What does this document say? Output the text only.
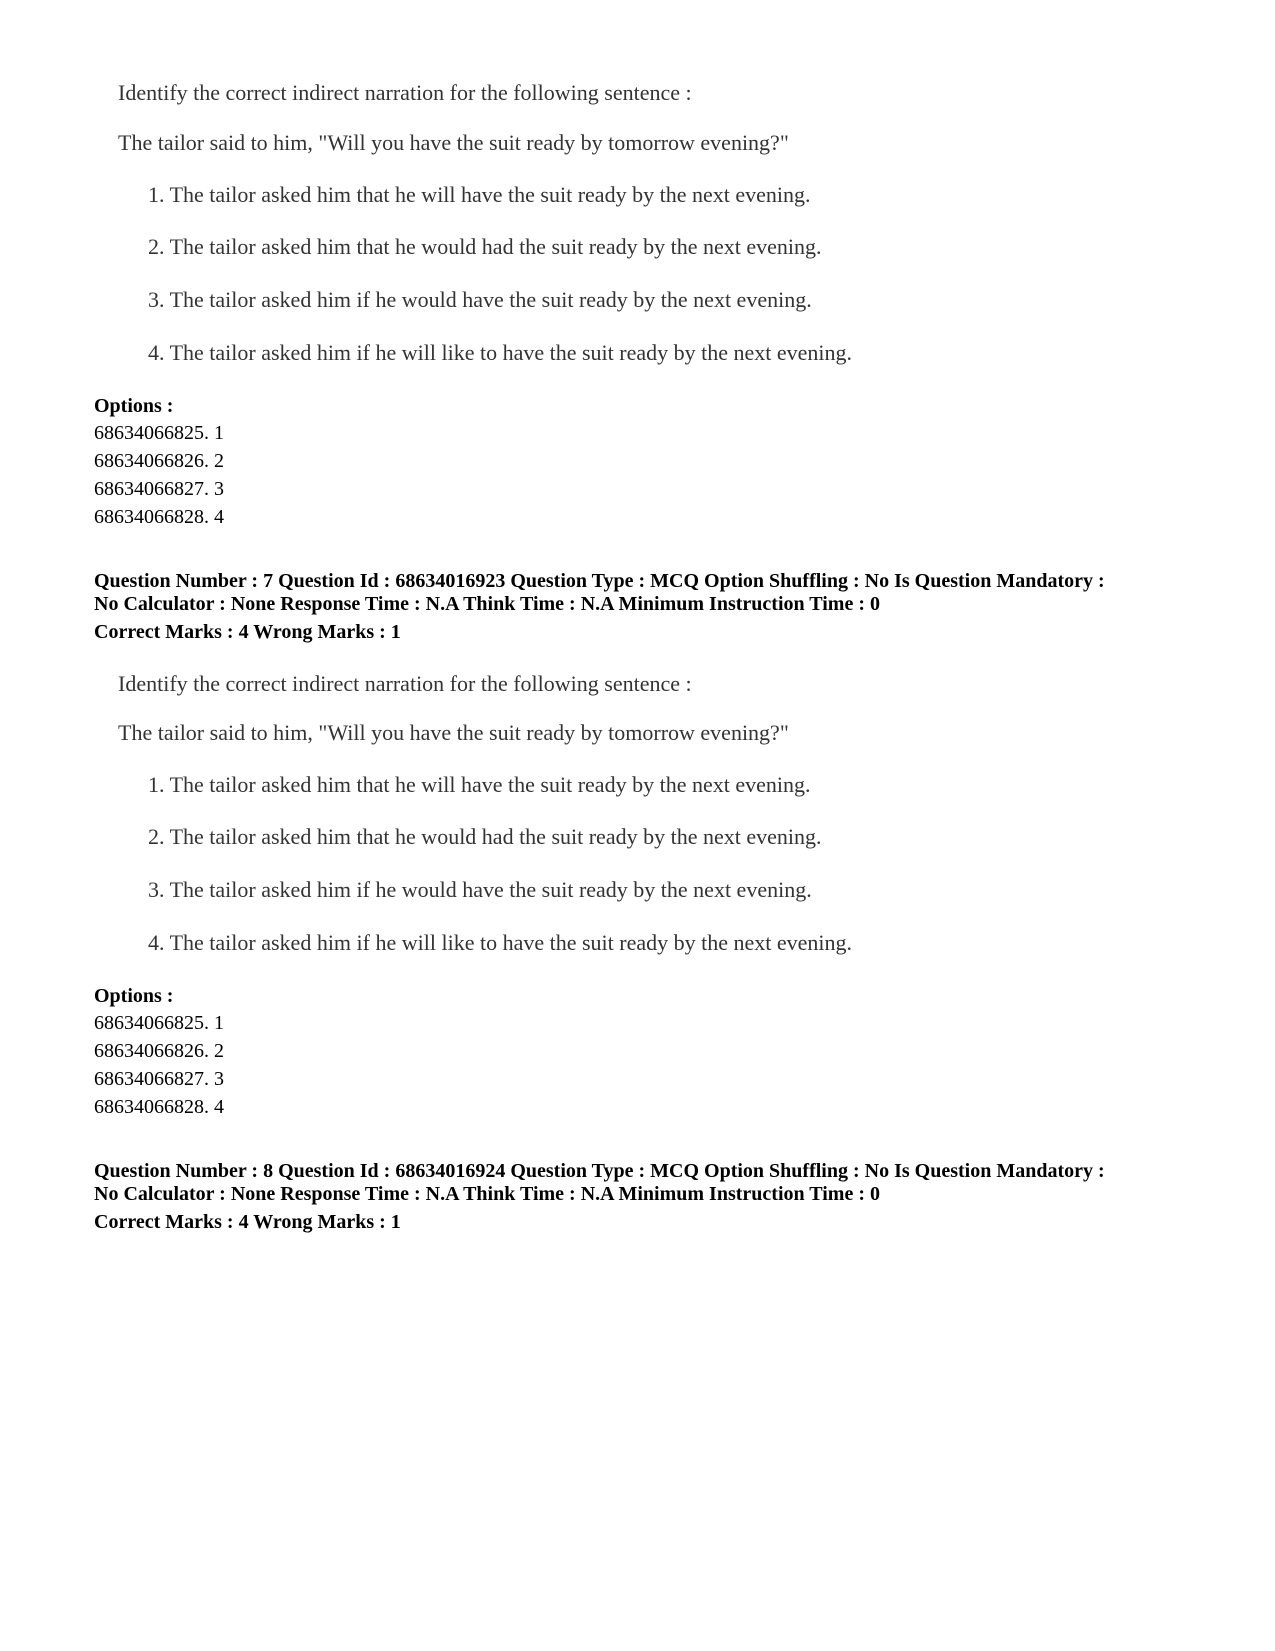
Identify the correct indirect narration for the following sentence :
The tailor said to him, "Will you have the suit ready by tomorrow evening?"
1. The tailor asked him that he will have the suit ready by the next evening.
2. The tailor asked him that he would had the suit ready by the next evening.
3. The tailor asked him if he would have the suit ready by the next evening.
4. The tailor asked him if he will like to have the suit ready by the next evening.
Options :
68634066825. 1
68634066826. 2
68634066827. 3
68634066828. 4
Question Number : 7 Question Id : 68634016923 Question Type : MCQ Option Shuffling : No Is Question Mandatory :
No Calculator : None Response Time : N.A Think Time : N.A Minimum Instruction Time : 0
Correct Marks : 4 Wrong Marks : 1
Identify the correct indirect narration for the following sentence :
The tailor said to him, "Will you have the suit ready by tomorrow evening?"
1. The tailor asked him that he will have the suit ready by the next evening.
2. The tailor asked him that he would had the suit ready by the next evening.
3. The tailor asked him if he would have the suit ready by the next evening.
4. The tailor asked him if he will like to have the suit ready by the next evening.
Options :
68634066825. 1
68634066826. 2
68634066827. 3
68634066828. 4
Question Number : 8 Question Id : 68634016924 Question Type : MCQ Option Shuffling : No Is Question Mandatory :
No Calculator : None Response Time : N.A Think Time : N.A Minimum Instruction Time : 0
Correct Marks : 4 Wrong Marks : 1
